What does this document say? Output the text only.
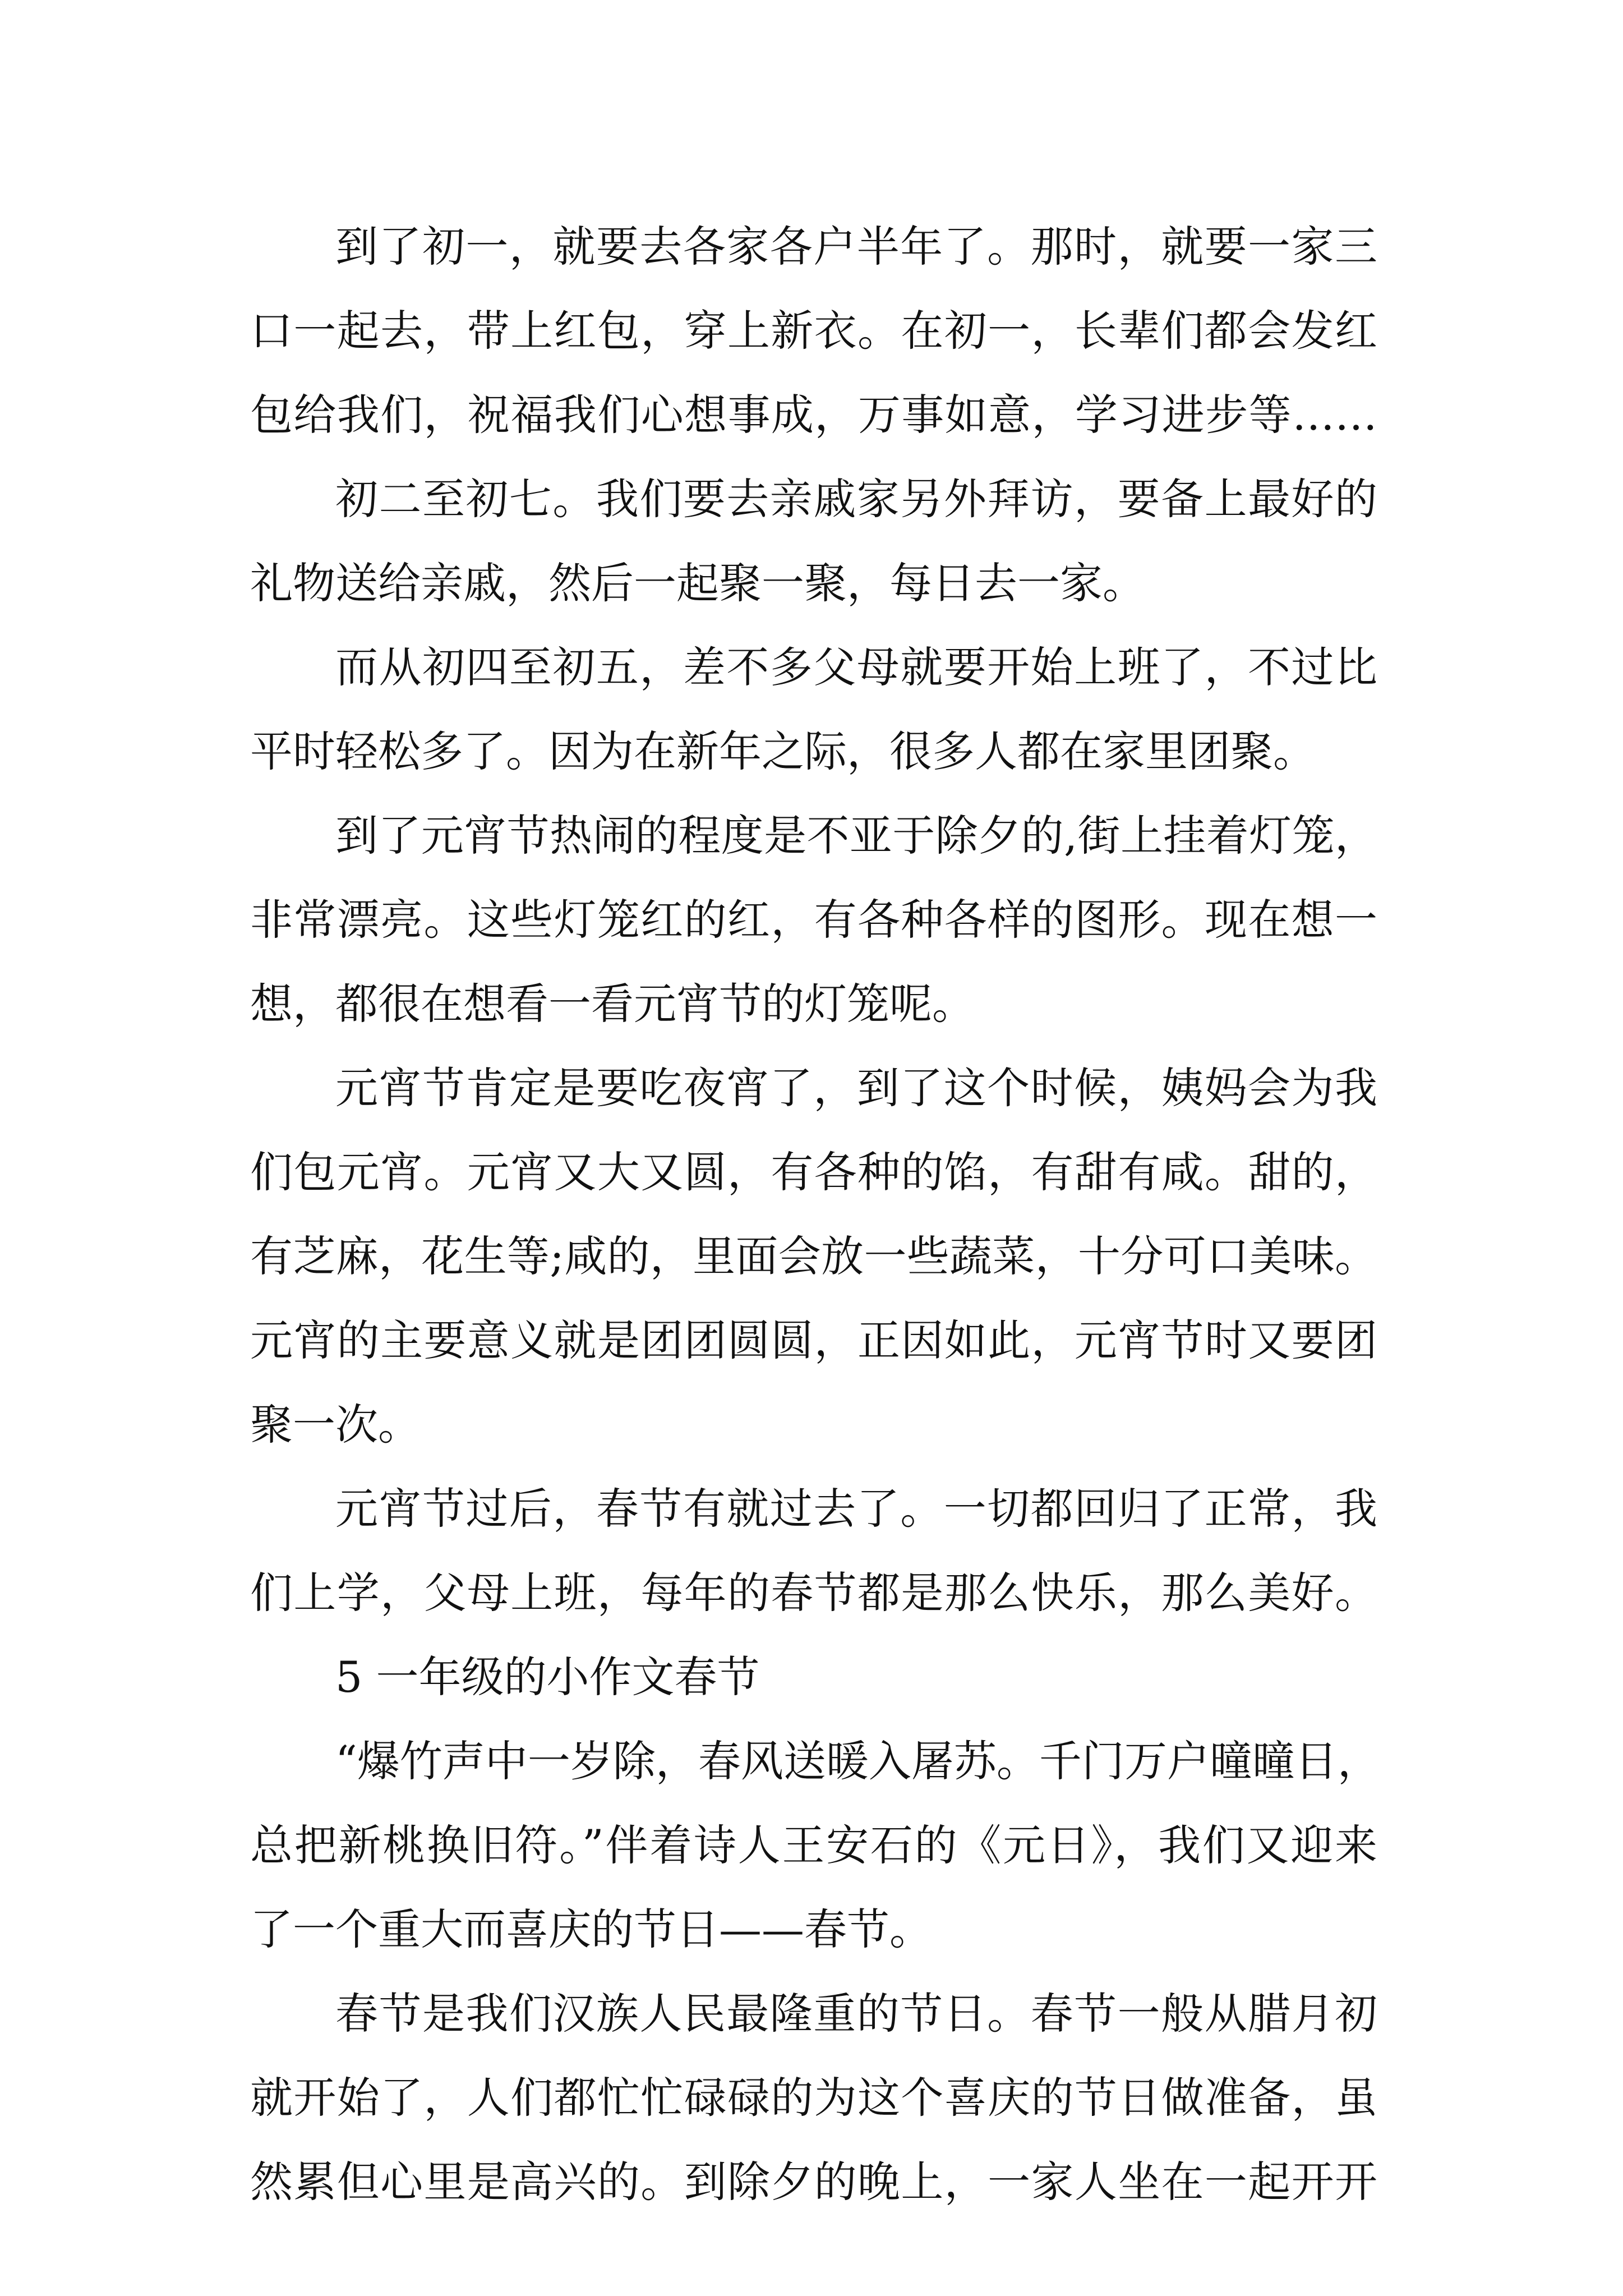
到了初一，就要去各家各户半年了。那时，就要一家三
口一起去，带上红包，穿上新衣。在初一，长辈们都会发红
包给我们，祝福我们心想事成，万事如意，学习进步等……
初二至初七。我们要去亲戚家另外拜访，要备上最好的
礼物送给亲戚，然后一起聚一聚，每日去一家。
而从初四至初五，差不多父母就要开始上班了，不过比
平时轻松多了。因为在新年之际，很多人都在家里团聚。
到了元宵节热闹的程度是不亚于除夕的,街上挂着灯笼，
非常漂亮。这些灯笼红的红，有各种各样的图形。现在想一
想，都很在想看一看元宵节的灯笼呢。
元宵节肯定是要吃夜宵了，到了这个时候，姨妈会为我
们包元宵。元宵又大又圆，有各种的馅，有甜有咸。甜的，
有芝麻，花生等;咸的，里面会放一些蔬菜，十分可口美味。
元宵的主要意义就是团团圆圆，正因如此，元宵节时又要团
聚一次。
元宵节过后，春节有就过去了。一切都回归了正常，我
们上学，父母上班，每年的春节都是那么快乐，那么美好。
5 一年级的小作文春节
“爆竹声中一岁除，春风送暖入屠苏。千门万户曈曈日，
总把新桃换旧符。”伴着诗人王安石的《元日》，我们又迎来
了一个重大而喜庆的节日——春节。
春节是我们汉族人民最隆重的节日。春节一般从腊月初
就开始了，人们都忙忙碌碌的为这个喜庆的节日做准备，虽
然累但心里是高兴的。到除夕的晚上，一家人坐在一起开开
